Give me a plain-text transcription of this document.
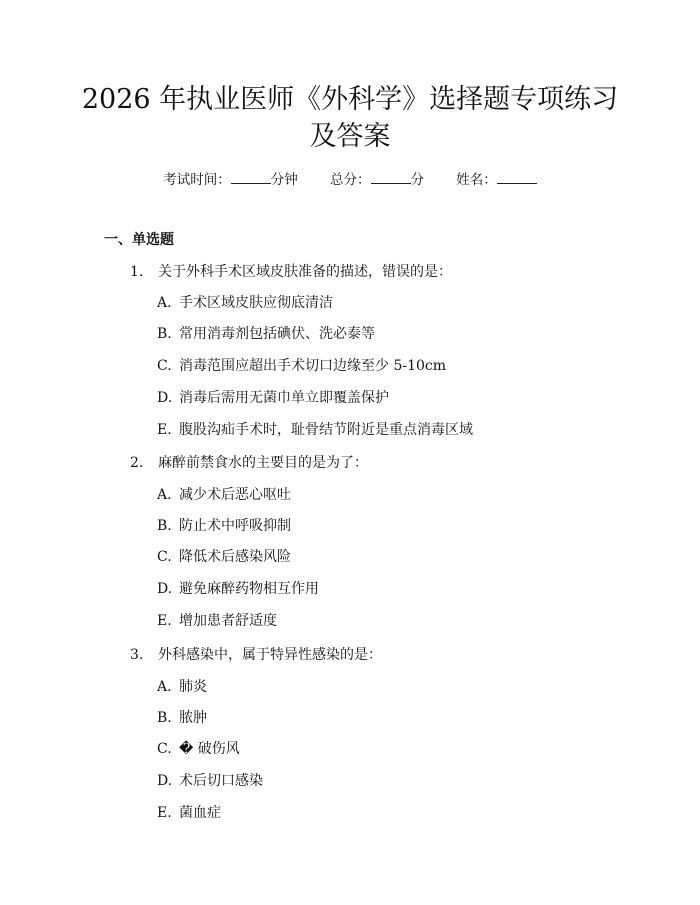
2026 年执业医师《外科学》选择题专项练习
及答案
考试时间：	分钟 总分：	分 姓名：
一、单选题
1. 关于外科手术区域皮肤准备的描述，错误的是：
A. 手术区域皮肤应彻底清洁
B. 常用消毒剂包括碘伏、洗必泰等
C. 消毒范围应超出手术切口边缘至少 5-10cm
D. 消毒后需用无菌巾单立即覆盖保护
E. 腹股沟疝手术时，耻骨结节附近是重点消毒区域
2. 麻醉前禁食水的主要目的是为了：
A. 减少术后恶心呕吐
B. 防止术中呼吸抑制
C. 降低术后感染风险
D. 避免麻醉药物相互作用
E. 增加患者舒适度
3. 外科感染中，属于特异性感染的是：
A. 肺炎
B. 脓肿
C. � 破伤风
D. 术后切口感染
E. 菌血症
